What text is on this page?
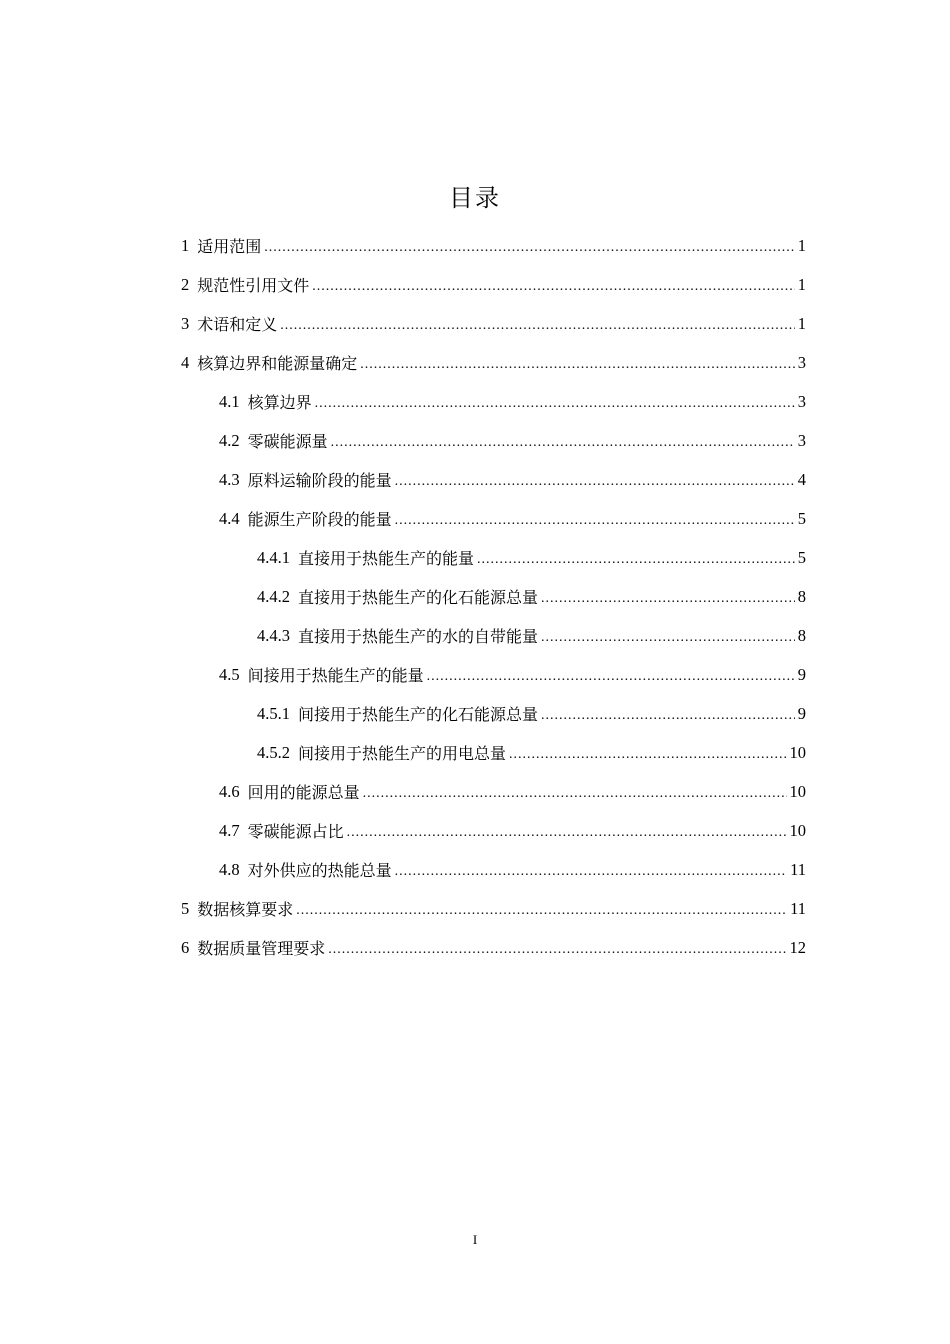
目录
1 适用范围 .....	1
2 规范性引用文件 .....	1
3 术语和定义 .....	1
4 核算边界和能源量确定 .....	3
4.1 核算边界 .....	3
4.2 零碳能源量 .....	3
4.3 原料运输阶段的能量 .....	4
4.4 能源生产阶段的能量 .....	5
4.4.1 直接用于热能生产的能量 .....	5
4.4.2 直接用于热能生产的化石能源总量 .....	8
4.4.3 直接用于热能生产的水的自带能量 .....	8
4.5 间接用于热能生产的能量 .....	9
4.5.1 间接用于热能生产的化石能源总量 .....	9
4.5.2 间接用于热能生产的用电总量 .....	10
4.6 回用的能源总量 .....	10
4.7 零碳能源占比 .....	10
4.8 对外供应的热能总量 .....	11
5 数据核算要求 .....	11
6 数据质量管理要求 .....	12
I
